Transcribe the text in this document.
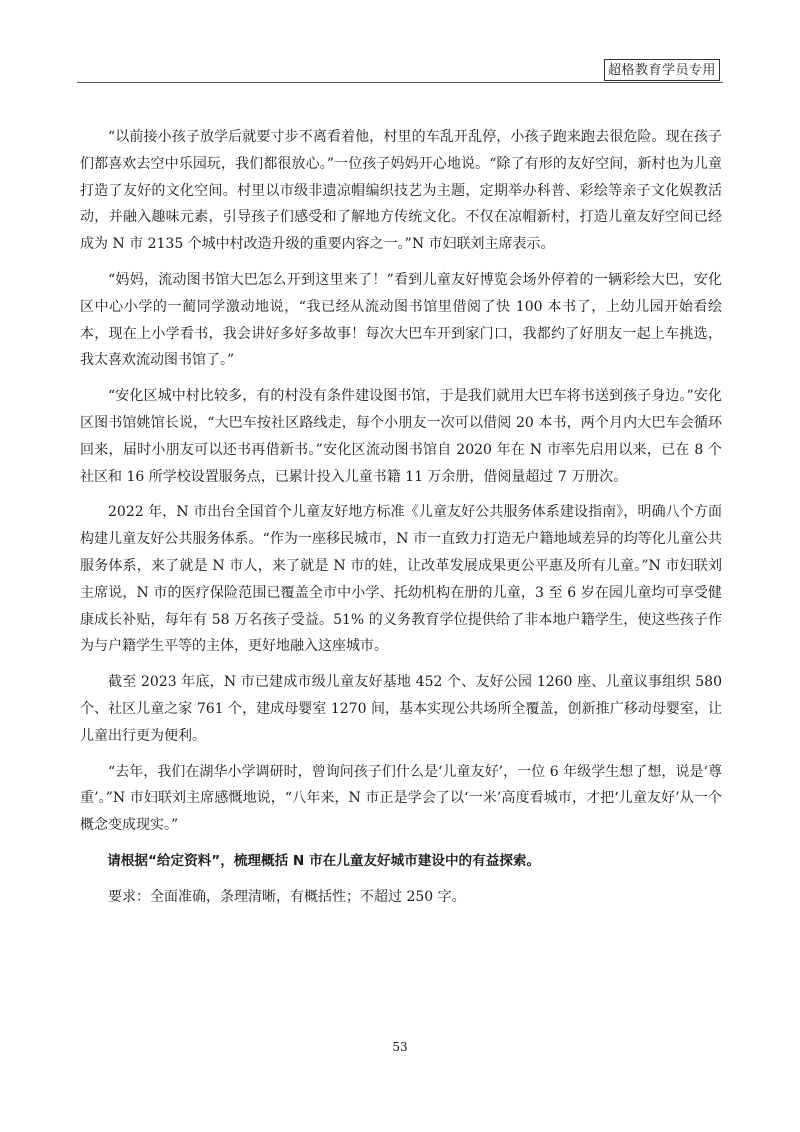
超格教育学员专用

“以前接小孩子放学后就要寸步不离看着他，村里的车乱开乱停，小孩子跑来跑去很危险。现在孩子们都喜欢去空中乐园玩，我们都很放心。”一位孩子妈妈开心地说。“除了有形的友好空间，新村也为儿童打造了友好的文化空间。村里以市级非遗凉帽编织技艺为主题，定期举办科普、彩绘等亲子文化娱教活动，并融入趣味元素，引导孩子们感受和了解地方传统文化。不仅在凉帽新村，打造儿童友好空间已经成为 N 市 2135 个城中村改造升级的重要内容之一。”N 市妇联刘主席表示。

“妈妈，流动图书馆大巴怎么开到这里来了！”看到儿童友好博览会场外停着的一辆彩绘大巴，安化区中心小学的一蔺同学激动地说，“我已经从流动图书馆里借阅了快 100 本书了，上幼儿园开始看绘本，现在上小学看书，我会讲好多好多故事！每次大巴车开到家门口，我都约了好朋友一起上车挑选，我太喜欢流动图书馆了。”

“安化区城中村比较多，有的村没有条件建设图书馆，于是我们就用大巴车将书送到孩子身边。”安化区图书馆姚馆长说，“大巴车按社区路线走，每个小朋友一次可以借阅 20 本书，两个月内大巴车会循环回来，届时小朋友可以还书再借新书。”安化区流动图书馆自 2020 年在 N 市率先启用以来，已在 8 个社区和 16 所学校设置服务点，已累计投入儿童书籍 11 万余册，借阅量超过 7 万册次。

2022 年，N 市出台全国首个儿童友好地方标准《儿童友好公共服务体系建设指南》，明确八个方面构建儿童友好公共服务体系。“作为一座移民城市，N 市一直致力打造无户籍地域差异的均等化儿童公共服务体系，来了就是 N 市人，来了就是 N 市的娃，让改革发展成果更公平惠及所有儿童。”N 市妇联刘主席说，N 市的医疗保险范围已覆盖全市中小学、托幼机构在册的儿童，3 至 6 岁在园儿童均可享受健康成长补贴，每年有 58 万名孩子受益。51% 的义务教育学位提供给了非本地户籍学生，使这些孩子作为与户籍学生平等的主体，更好地融入这座城市。

截至 2023 年底，N 市已建成市级儿童友好基地 452 个、友好公园 1260 座、儿童议事组织 580 个、社区儿童之家 761 个，建成母婴室 1270 间，基本实现公共场所全覆盖，创新推广移动母婴室，让儿童出行更为便利。

“去年，我们在湖华小学调研时，曾询问孩子们什么是‘儿童友好’，一位 6 年级学生想了想，说是‘尊重’。”N 市妇联刘主席感慨地说，“八年来，N 市正是学会了以‘一米’高度看城市，才把‘儿童友好’从一个概念变成现实。”

请根据“给定资料”，梳理概括 N 市在儿童友好城市建设中的有益探索。

要求：全面准确，条理清晰，有概括性；不超过 250 字。

53
